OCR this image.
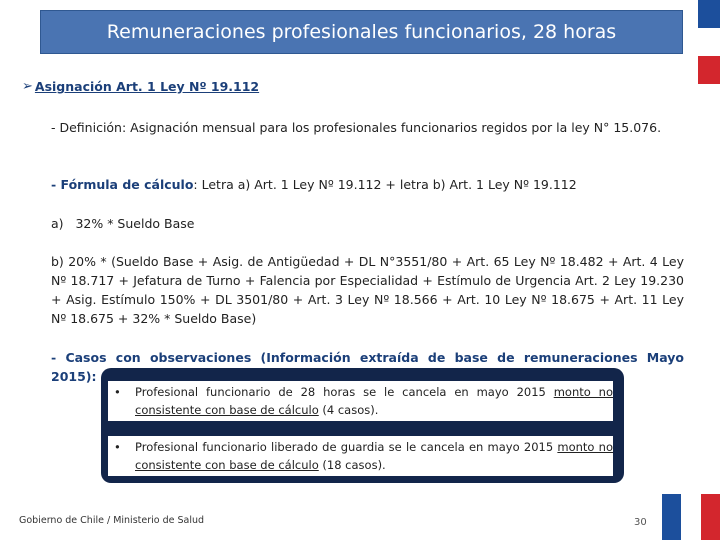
Remuneraciones profesionales funcionarios, 28 horas
➢ Asignación Art. 1 Ley Nº 19.112
- Definición: Asignación mensual para los profesionales funcionarios regidos por la ley N° 15.076.
- Fórmula de cálculo: Letra a) Art. 1 Ley Nº 19.112 + letra b) Art. 1 Ley Nº 19.112
a)   32% * Sueldo Base
b) 20% * (Sueldo Base + Asig. de Antigüedad + DL N°3551/80 + Art. 65 Ley Nº 18.482 + Art. 4 Ley Nº 18.717 + Jefatura de Turno + Falencia por Especialidad + Estímulo de Urgencia Art. 2 Ley 19.230 + Asig. Estímulo 150% + DL 3501/80 + Art. 3 Ley Nº 18.566 + Art. 10 Ley Nº 18.675 + Art. 11 Ley Nº 18.675 + 32% * Sueldo Base)
- Casos con observaciones (Información extraída de base de remuneraciones Mayo 2015):
• Profesional funcionario de 28 horas se le cancela en mayo 2015 monto no consistente con base de cálculo (4 casos).
• Profesional funcionario liberado de guardia se le cancela en mayo 2015 monto no consistente con base de cálculo (18 casos).
Gobierno de Chile / Ministerio de Salud	30
